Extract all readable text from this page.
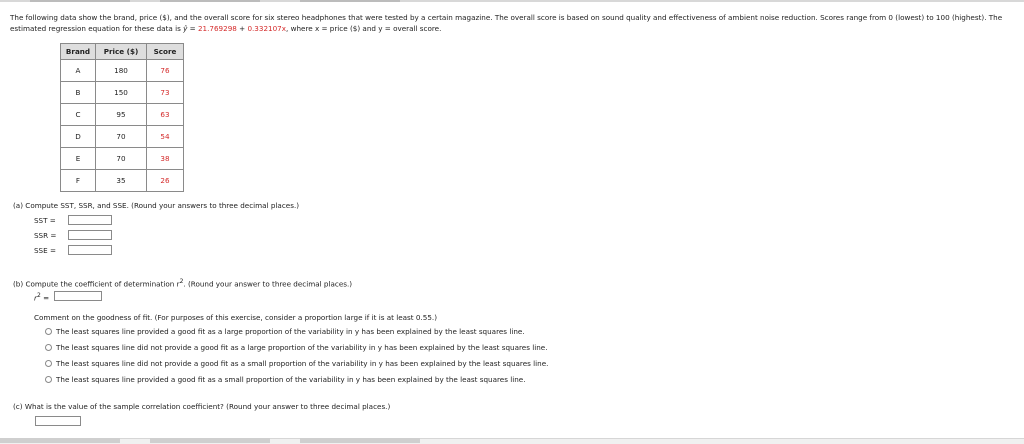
The following data show the brand, price ($), and the overall score for six stereo headphones that were tested by a certain magazine. The overall score is based on sound quality and effectiveness of ambient noise reduction. Scores range from 0 (lowest) to 100 (highest). The estimated regression equation for these data is ŷ = 21.769298 + 0.332107x, where x = price ($) and y = overall score.
Brand	Price ($)	Score
A	180	76
B	150	73
C	95	63
D	70	54
E	70	38
F	35	26
(a) Compute SST, SSR, and SSE. (Round your answers to three decimal places.)
SST =
SSR =
SSE =
(b) Compute the coefficient of determination $r^2$. (Round your answer to three decimal places.)
$r^2$ =
Comment on the goodness of fit. (For purposes of this exercise, consider a proportion large if it is at least 0.55.)
The least squares line provided a good fit as a large proportion of the variability in y has been explained by the least squares line.
The least squares line did not provide a good fit as a large proportion of the variability in y has been explained by the least squares line.
The least squares line did not provide a good fit as a small proportion of the variability in y has been explained by the least squares line.
The least squares line provided a good fit as a small proportion of the variability in y has been explained by the least squares line.
(c) What is the value of the sample correlation coefficient? (Round your answer to three decimal places.)
